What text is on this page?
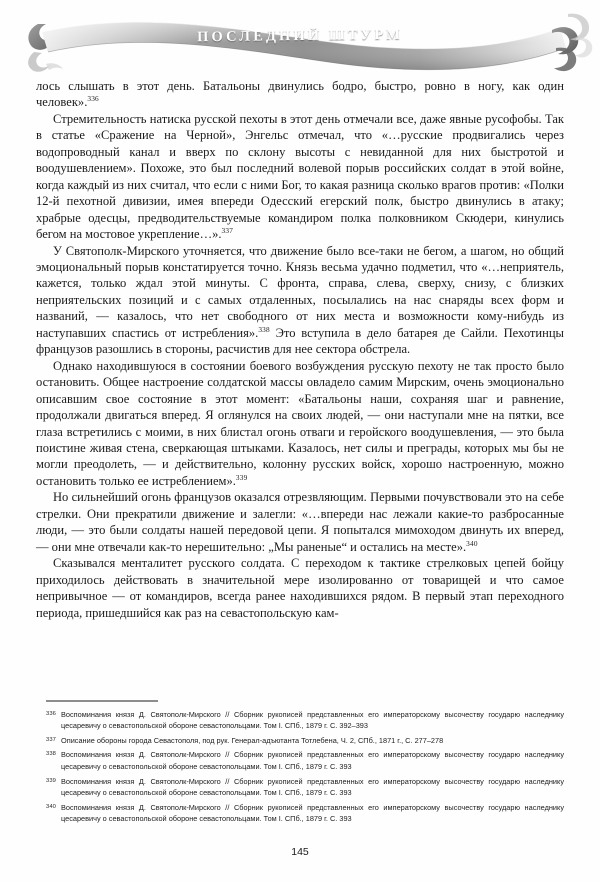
ПОСЛЕДНИЙ ШТУРМ

лось слышать в этот день. Батальоны двинулись бодро, быстро, ровно в ногу, как один человек».$^{336}$

Стремительность натиска русской пехоты в этот день отмечали все, даже явные русофобы. Так в статье «Сражение на Черной», Энгельс отмечал, что «…русские продвигались через водопроводный канал и вверх по склону высоты с невиданной для них быстротой и воодушевлением». Похоже, это был последний волевой порыв российских солдат в этой войне, когда каждый из них считал, что если с ними Бог, то какая разница сколько врагов против: «Полки 12-й пехотной дивизии, имея впереди Одесский егерский полк, быстро двинулись в атаку; храбрые одесцы, предводительствуемые командиром полка полковником Скюдери, кинулись бегом на мостовое укрепление…».$^{337}$

У Святополк-Мирского уточняется, что движение было все-таки не бегом, а шагом, но общий эмоциональный порыв констатируется точно. Князь весьма удачно подметил, что «…неприятель, кажется, только ждал этой минуты. С фронта, справа, слева, сверху, снизу, с близких неприятельских позиций и с самых отдаленных, посылались на нас снаряды всех форм и названий, — казалось, что нет свободного от них места и возможности кому-нибудь из наступавших спастись от истребления».$^{338}$ Это вступила в дело батарея де Сайли. Пехотинцы французов разошлись в стороны, расчистив для нее сектора обстрела.

Однако находившуюся в состоянии боевого возбуждения русскую пехоту не так просто было остановить. Общее настроение солдатской массы овладело самим Мирским, очень эмоционально описавшим свое состояние в этот момент: «Батальоны наши, сохраняя шаг и равнение, продолжали двигаться вперед. Я оглянулся на своих людей, — они наступали мне на пятки, все глаза встретились с моими, в них блистал огонь отваги и геройского воодушевления, — это была поистине живая стена, сверкающая штыками. Казалось, нет силы и преграды, которых мы бы не могли преодолеть, — и действительно, колонну русских войск, хорошо настроенную, можно остановить только ее истреблением».$^{339}$

Но сильнейший огонь французов оказался отрезвляющим. Первыми почувствовали это на себе стрелки. Они прекратили движение и залегли: «…впереди нас лежали какие-то разбросанные люди, — это были солдаты нашей передовой цепи. Я попытался мимоходом двинуть их вперед, — они мне отвечали как-то нерешительно: „Мы раненые“ и остались на месте».$^{340}$

Сказывался менталитет русского солдата. С переходом к тактике стрелковых цепей бойцу приходилось действовать в значительной мере изолированно от товарищей и что самое непривычное — от командиров, всегда ранее находившихся рядом. В первый этап переходного периода, пришедшийся как раз на севастопольскую кам-

336 Воспоминания князя Д. Святополк-Мирского // Сборник рукописей представленных его императорскому высочеству государю наследнику цесаревичу о севастопольской обороне севастопольцами. Том I. СПб., 1879 г. С. 392–393
337 Описание обороны города Севастополя, под рук. Генерал-адъютанта Тотлебена, Ч. 2, СПб., 1871 г., С. 277–278
338 Воспоминания князя Д. Святополк-Мирского // Сборник рукописей представленных его императорскому высочеству государю наследнику цесаревичу о севастопольской обороне севастопольцами. Том I. СПб., 1879 г. С. 393
339 Воспоминания князя Д. Святополк-Мирского // Сборник рукописей представленных его императорскому высочеству государю наследнику цесаревичу о севастопольской обороне севастопольцами. Том I. СПб., 1879 г. С. 393
340 Воспоминания князя Д. Святополк-Мирского // Сборник рукописей представленных его императорскому высочеству государю наследнику цесаревичу о севастопольской обороне севастопольцами. Том I. СПб., 1879 г. С. 393
145
